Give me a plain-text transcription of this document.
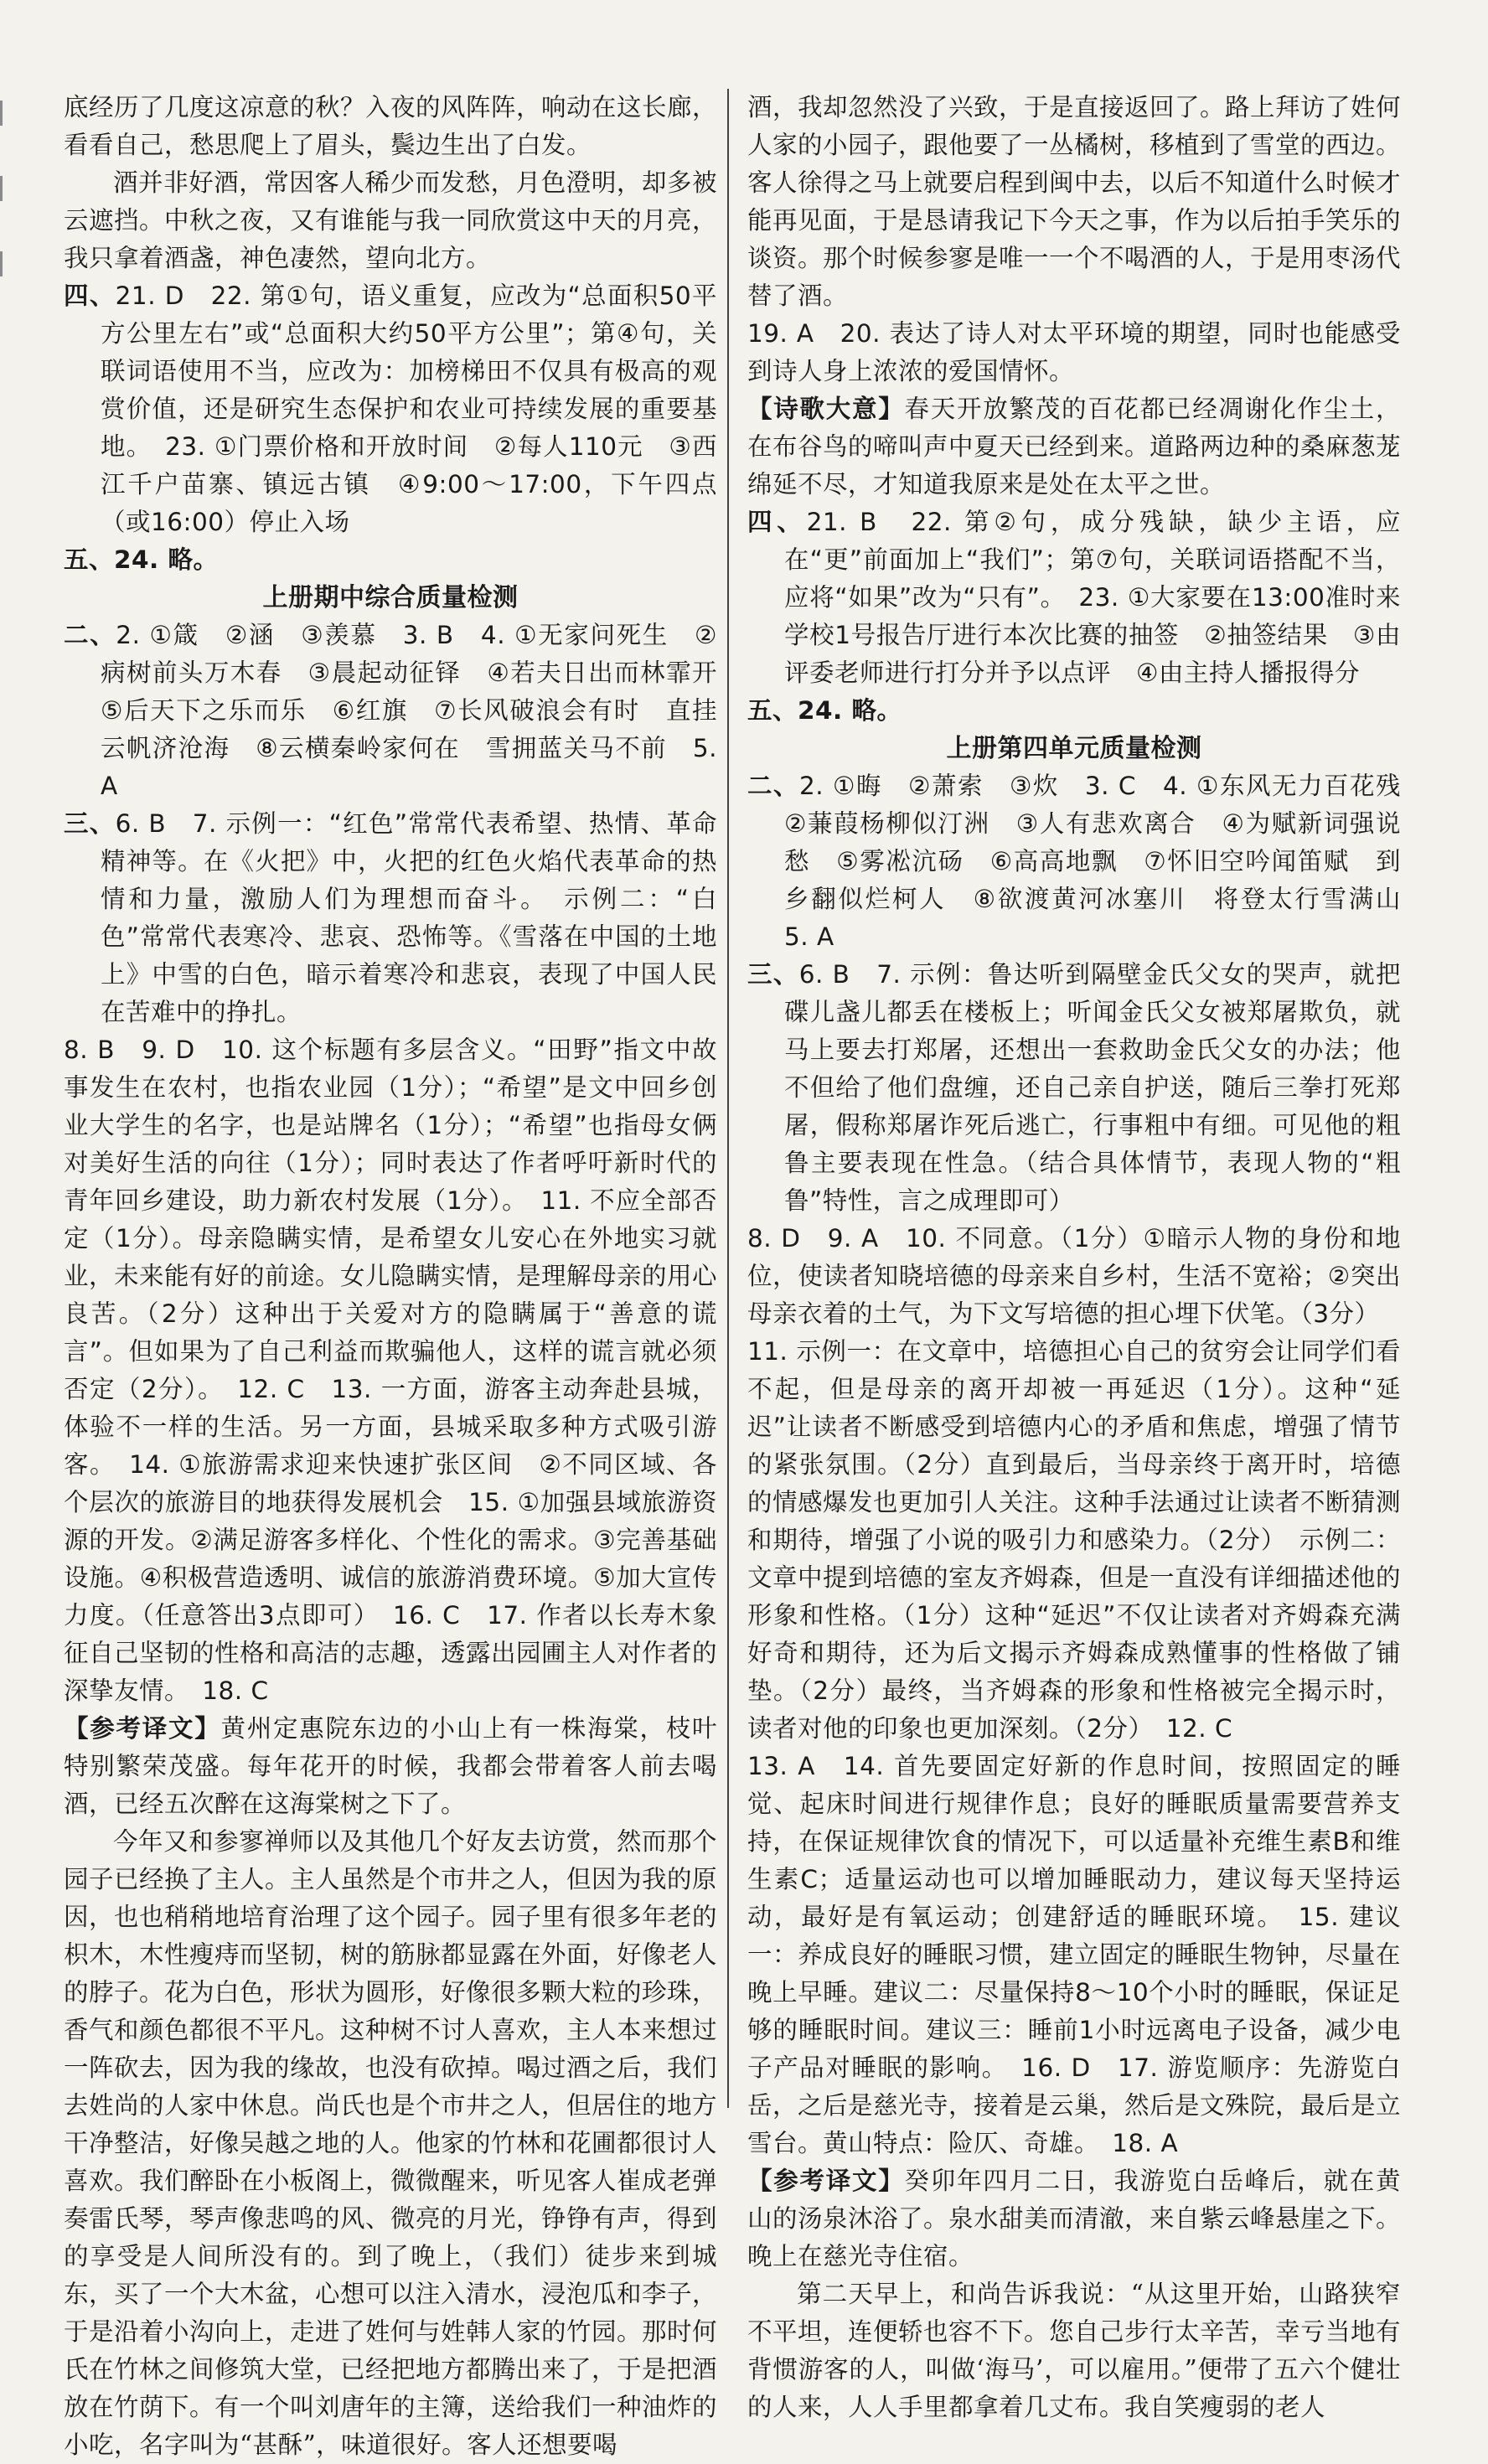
底经历了几度这凉意的秋？入夜的风阵阵，响动在这长廊，看看自己，愁思爬上了眉头，鬓边生出了白发。

酒并非好酒，常因客人稀少而发愁，月色澄明，却多被云遮挡。中秋之夜，又有谁能与我一同欣赏这中天的月亮，我只拿着酒盏，神色凄然，望向北方。

四、21. D　22. 第①句，语义重复，应改为“总面积50平方公里左右”或“总面积大约50平方公里”；第④句，关联词语使用不当，应改为：加榜梯田不仅具有极高的观赏价值，还是研究生态保护和农业可持续发展的重要基地。　23. ①门票价格和开放时间　②每人110元　③西江千户苗寨、镇远古镇　④9:00～17:00，下午四点（或16:00）停止入场

五、24. 略。

上册期中综合质量检测

二、2. ①箴　②涵　③羡慕　3. B　4. ①无家问死生　②病树前头万木春　③晨起动征铎　④若夫日出而林霏开　⑤后天下之乐而乐　⑥红旗　⑦长风破浪会有时　直挂云帆济沧海　⑧云横秦岭家何在　雪拥蓝关马不前　5. A

三、6. B　7. 示例一：“红色”常常代表希望、热情、革命精神等。在《火把》中，火把的红色火焰代表革命的热情和力量，激励人们为理想而奋斗。　示例二：“白色”常常代表寒冷、悲哀、恐怖等。《雪落在中国的土地上》中雪的白色，暗示着寒冷和悲哀，表现了中国人民在苦难中的挣扎。

8. B　9. D　10. 这个标题有多层含义。“田野”指文中故事发生在农村，也指农业园（1分）；“希望”是文中回乡创业大学生的名字，也是站牌名（1分）；“希望”也指母女俩对美好生活的向往（1分）；同时表达了作者呼吁新时代的青年回乡建设，助力新农村发展（1分）。　11. 不应全部否定（1分）。母亲隐瞒实情，是希望女儿安心在外地实习就业，未来能有好的前途。女儿隐瞒实情，是理解母亲的用心良苦。（2分）这种出于关爱对方的隐瞒属于“善意的谎言”。但如果为了自己利益而欺骗他人，这样的谎言就必须否定（2分）。　12. C　13. 一方面，游客主动奔赴县城，体验不一样的生活。另一方面，县城采取多种方式吸引游客。　14. ①旅游需求迎来快速扩张区间　②不同区域、各个层次的旅游目的地获得发展机会　15. ①加强县域旅游资源的开发。②满足游客多样化、个性化的需求。③完善基础设施。④积极营造透明、诚信的旅游消费环境。⑤加大宣传力度。（任意答出3点即可）　16. C　17. 作者以长寿木象征自己坚韧的性格和高洁的志趣，透露出园圃主人对作者的深挚友情。　18. C

【参考译文】黄州定惠院东边的小山上有一株海棠，枝叶特别繁荣茂盛。每年花开的时候，我都会带着客人前去喝酒，已经五次醉在这海棠树之下了。

今年又和参寥禅师以及其他几个好友去访赏，然而那个园子已经换了主人。主人虽然是个市井之人，但因为我的原因，也也稍稍地培育治理了这个园子。园子里有很多年老的枳木，木性瘦痔而坚韧，树的筋脉都显露在外面，好像老人的脖子。花为白色，形状为圆形，好像很多颗大粒的珍珠，香气和颜色都很不平凡。这种树不讨人喜欢，主人本来想过一阵砍去，因为我的缘故，也没有砍掉。喝过酒之后，我们去姓尚的人家中休息。尚氏也是个市井之人，但居住的地方干净整洁，好像吴越之地的人。他家的竹林和花圃都很讨人喜欢。我们醉卧在小板阁上，微微醒来，听见客人崔成老弹奏雷氏琴，琴声像悲鸣的风、微亮的月光，铮铮有声，得到的享受是人间所没有的。到了晚上，（我们）徒步来到城东，买了一个大木盆，心想可以注入清水，浸泡瓜和李子，于是沿着小沟向上，走进了姓何与姓韩人家的竹园。那时何氏在竹林之间修筑大堂，已经把地方都腾出来了，于是把酒放在竹荫下。有一个叫刘唐年的主簿，送给我们一种油炸的小吃，名字叫为“甚酥”，味道很好。客人还想要喝

酒，我却忽然没了兴致，于是直接返回了。路上拜访了姓何人家的小园子，跟他要了一丛橘树，移植到了雪堂的西边。客人徐得之马上就要启程到闽中去，以后不知道什么时候才能再见面，于是恳请我记下今天之事，作为以后拍手笑乐的谈资。那个时候参寥是唯一一个不喝酒的人，于是用枣汤代替了酒。

19. A　20. 表达了诗人对太平环境的期望，同时也能感受到诗人身上浓浓的爱国情怀。

【诗歌大意】春天开放繁茂的百花都已经凋谢化作尘土，在布谷鸟的啼叫声中夏天已经到来。道路两边种的桑麻葱茏绵延不尽，才知道我原来是处在太平之世。

四、21. B　22. 第②句，成分残缺，缺少主语，应在“更”前面加上“我们”；第⑦句，关联词语搭配不当，应将“如果”改为“只有”。　23. ①大家要在13:00准时来学校1号报告厅进行本次比赛的抽签　②抽签结果　③由评委老师进行打分并予以点评　④由主持人播报得分

五、24. 略。

上册第四单元质量检测

二、2. ①晦　②萧索　③炊　3. C　4. ①东风无力百花残　②蒹葭杨柳似汀洲　③人有悲欢离合　④为赋新词强说愁　⑤雾凇沆砀　⑥高高地飘　⑦怀旧空吟闻笛赋　到乡翻似烂柯人　⑧欲渡黄河冰塞川　将登太行雪满山　5. A

三、6. B　7. 示例：鲁达听到隔壁金氏父女的哭声，就把碟儿盏儿都丢在楼板上；听闻金氏父女被郑屠欺负，就马上要去打郑屠，还想出一套救助金氏父女的办法；他不但给了他们盘缠，还自己亲自护送，随后三拳打死郑屠，假称郑屠诈死后逃亡，行事粗中有细。可见他的粗鲁主要表现在性急。（结合具体情节，表现人物的“粗鲁”特性，言之成理即可）

8. D　9. A　10. 不同意。（1分）①暗示人物的身份和地位，使读者知晓培德的母亲来自乡村，生活不宽裕；②突出母亲衣着的土气，为下文写培德的担心埋下伏笔。（3分）

11. 示例一：在文章中，培德担心自己的贫穷会让同学们看不起，但是母亲的离开却被一再延迟（1分）。这种“延迟”让读者不断感受到培德内心的矛盾和焦虑，增强了情节的紧张氛围。（2分）直到最后，当母亲终于离开时，培德的情感爆发也更加引人关注。这种手法通过让读者不断猜测和期待，增强了小说的吸引力和感染力。（2分）　示例二：文章中提到培德的室友齐姆森，但是一直没有详细描述他的形象和性格。（1分）这种“延迟”不仅让读者对齐姆森充满好奇和期待，还为后文揭示齐姆森成熟懂事的性格做了铺垫。（2分）最终，当齐姆森的形象和性格被完全揭示时，读者对他的印象也更加深刻。（2分）　12. C

13. A　14. 首先要固定好新的作息时间，按照固定的睡觉、起床时间进行规律作息；良好的睡眠质量需要营养支持，在保证规律饮食的情况下，可以适量补充维生素B和维生素C；适量运动也可以增加睡眠动力，建议每天坚持运动，最好是有氧运动；创建舒适的睡眠环境。　15. 建议一：养成良好的睡眠习惯，建立固定的睡眠生物钟，尽量在晚上早睡。建议二：尽量保持8～10个小时的睡眠，保证足够的睡眠时间。建议三：睡前1小时远离电子设备，减少电子产品对睡眠的影响。　16. D　17. 游览顺序：先游览白岳，之后是慈光寺，接着是云巢，然后是文殊院，最后是立雪台。黄山特点：险仄、奇雄。　18. A

【参考译文】癸卯年四月二日，我游览白岳峰后，就在黄山的汤泉沐浴了。泉水甜美而清澈，来自紫云峰悬崖之下。晚上在慈光寺住宿。

第二天早上，和尚告诉我说：“从这里开始，山路狭窄不平坦，连便轿也容不下。您自己步行太辛苦，幸亏当地有背惯游客的人，叫做‘海马’，可以雇用。”便带了五六个健壮的人来，人人手里都拿着几丈布。我自笑瘦弱的老人
